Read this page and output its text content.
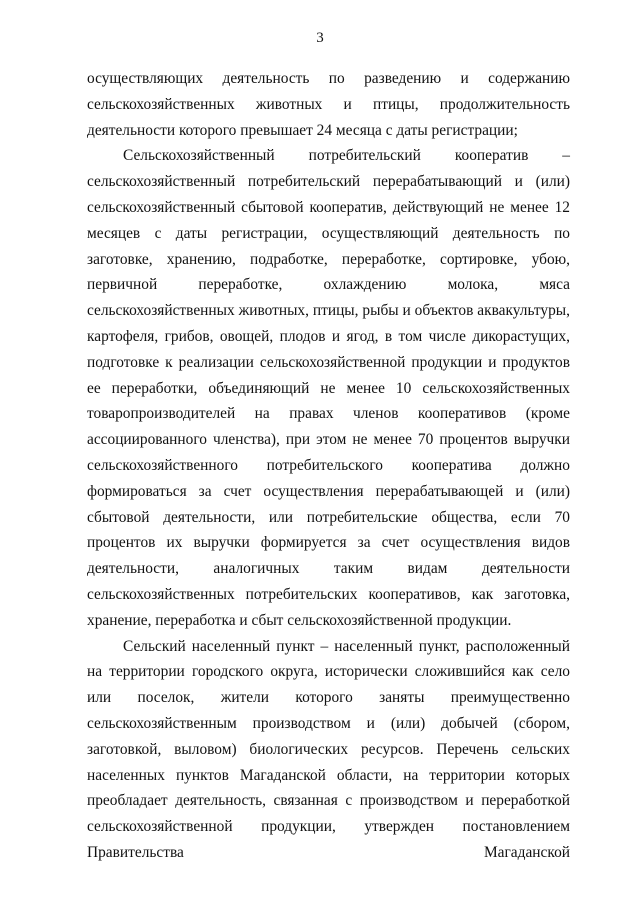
3

осуществляющих деятельность по разведению и содержанию сельскохозяйственных животных и птицы, продолжительность деятельности которого превышает 24 месяца с даты регистрации;

Сельскохозяйственный потребительский кооператив – сельскохозяйственный потребительский перерабатывающий и (или) сельскохозяйственный сбытовой кооператив, действующий не менее 12 месяцев с даты регистрации, осуществляющий деятельность по заготовке, хранению, подработке, переработке, сортировке, убою, первичной переработке, охлаждению молока, мяса сельскохозяйственных животных, птицы, рыбы и объектов аквакультуры, картофеля, грибов, овощей, плодов и ягод, в том числе дикорастущих, подготовке к реализации сельскохозяйственной продукции и продуктов ее переработки, объединяющий не менее 10 сельскохозяйственных товаропроизводителей на правах членов кооперативов (кроме ассоциированного членства), при этом не менее 70 процентов выручки сельскохозяйственного потребительского кооператива должно формироваться за счет осуществления перерабатывающей и (или) сбытовой деятельности, или потребительские общества, если 70 процентов их выручки формируется за счет осуществления видов деятельности, аналогичных таким видам деятельности сельскохозяйственных потребительских кооперативов, как заготовка, хранение, переработка и сбыт сельскохозяйственной продукции.

Сельский населенный пункт – населенный пункт, расположенный на территории городского округа, исторически сложившийся как село или поселок, жители которого заняты преимущественно сельскохозяйственным производством и (или) добычей (сбором, заготовкой, выловом) биологических ресурсов. Перечень сельских населенных пунктов Магаданской области, на территории которых преобладает деятельность, связанная с производством и переработкой сельскохозяйственной продукции, утвержден постановлением Правительства Магаданской
